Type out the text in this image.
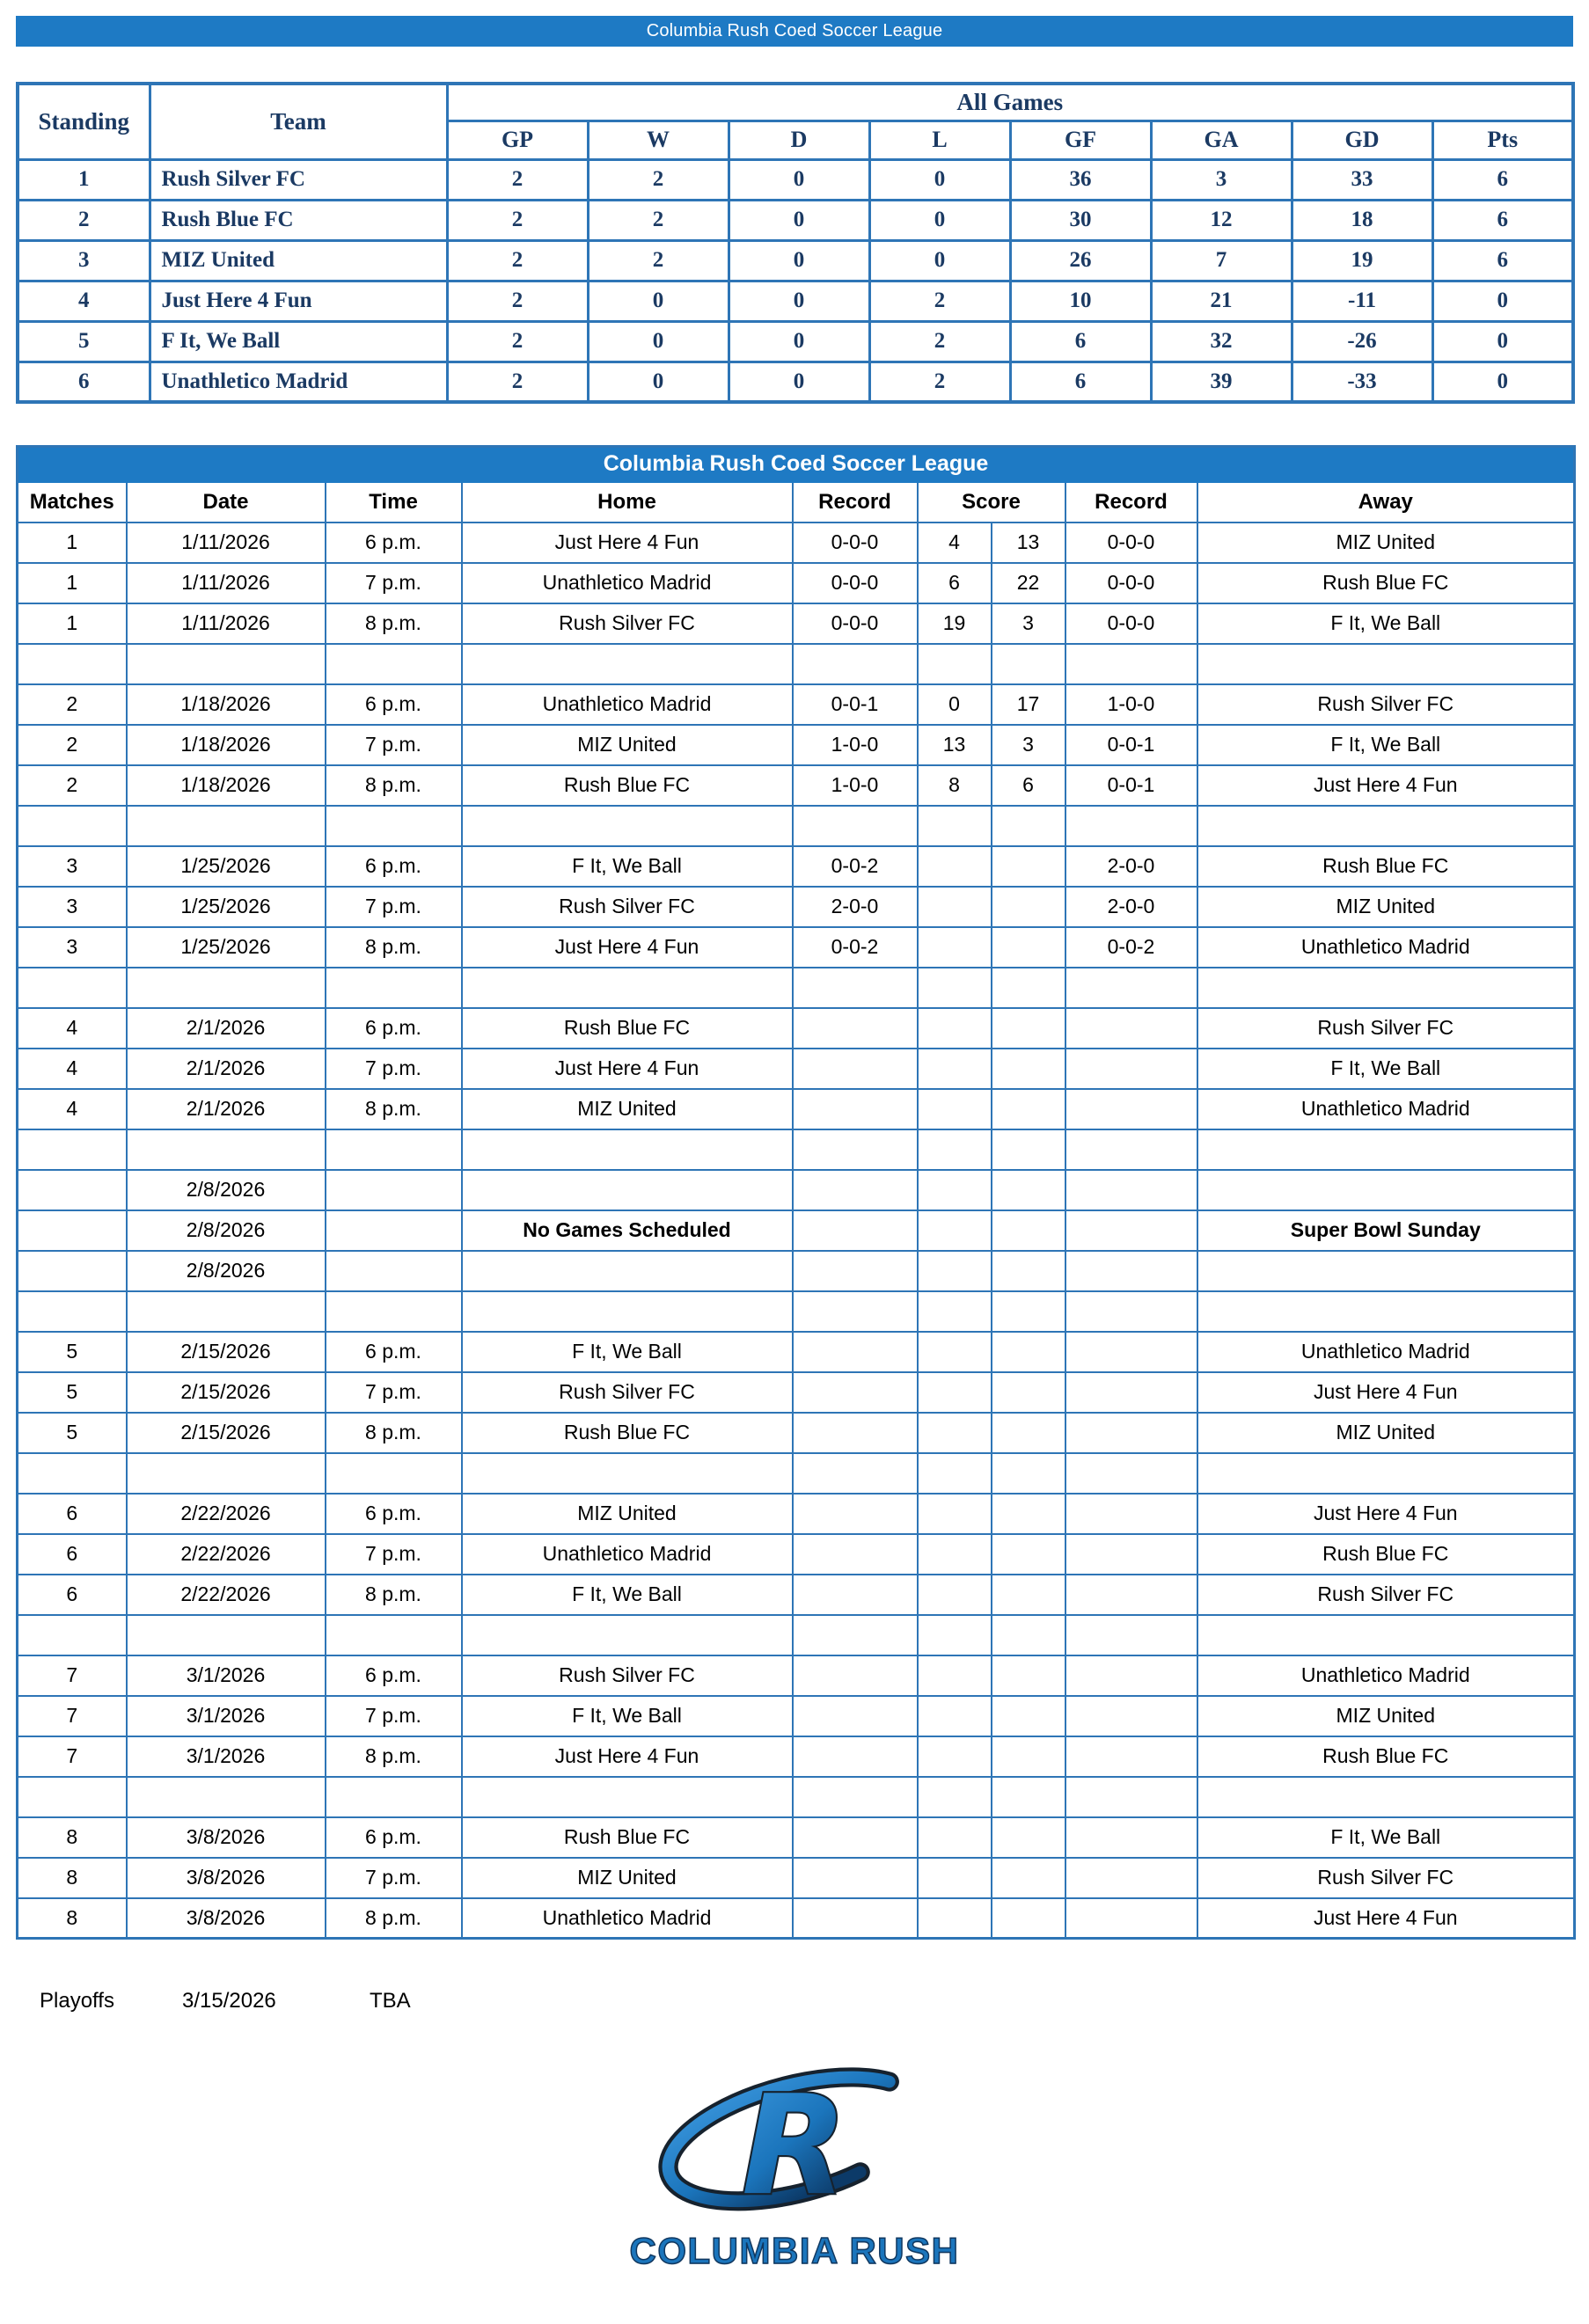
Columbia Rush Coed Soccer League
Standing	Team	All Games							
		GP	W	D	L	GF	GA	GD	Pts
1	Rush Silver FC	2	2	0	0	36	3	33	6
2	Rush Blue FC	2	2	0	0	30	12	18	6
3	MIZ United	2	2	0	0	26	7	19	6
4	Just Here 4 Fun	2	0	0	2	10	21	-11	0
5	F It, We Ball	2	0	0	2	6	32	-26	0
6	Unathletico Madrid	2	0	0	2	6	39	-33	0
Columbia Rush Coed Soccer League								
Matches	Date	Time	Home	Record	Score		Record	Away
1	1/11/2026	6 p.m.	Just Here 4 Fun	0-0-0	4	13	0-0-0	MIZ United
1	1/11/2026	7 p.m.	Unathletico Madrid	0-0-0	6	22	0-0-0	Rush Blue FC
1	1/11/2026	8 p.m.	Rush Silver FC	0-0-0	19	3	0-0-0	F It, We Ball

2	1/18/2026	6 p.m.	Unathletico Madrid	0-0-1	0	17	1-0-0	Rush Silver FC
2	1/18/2026	7 p.m.	MIZ United	1-0-0	13	3	0-0-1	F It, We Ball
2	1/18/2026	8 p.m.	Rush Blue FC	1-0-0	8	6	0-0-1	Just Here 4 Fun

3	1/25/2026	6 p.m.	F It, We Ball	0-0-2			2-0-0	Rush Blue FC
3	1/25/2026	7 p.m.	Rush Silver FC	2-0-0			2-0-0	MIZ United
3	1/25/2026	8 p.m.	Just Here 4 Fun	0-0-2			0-0-2	Unathletico Madrid

4	2/1/2026	6 p.m.	Rush Blue FC					Rush Silver FC
4	2/1/2026	7 p.m.	Just Here 4 Fun					F It, We Ball
4	2/1/2026	8 p.m.	MIZ United					Unathletico Madrid

	2/8/2026							
	2/8/2026		No Games Scheduled					Super Bowl Sunday
	2/8/2026							

5	2/15/2026	6 p.m.	F It, We Ball					Unathletico Madrid
5	2/15/2026	7 p.m.	Rush Silver FC					Just Here 4 Fun
5	2/15/2026	8 p.m.	Rush Blue FC					MIZ United

6	2/22/2026	6 p.m.	MIZ United					Just Here 4 Fun
6	2/22/2026	7 p.m.	Unathletico Madrid					Rush Blue FC
6	2/22/2026	8 p.m.	F It, We Ball					Rush Silver FC

7	3/1/2026	6 p.m.	Rush Silver FC					Unathletico Madrid
7	3/1/2026	7 p.m.	F It, We Ball					MIZ United
7	3/1/2026	8 p.m.	Just Here 4 Fun					Rush Blue FC

8	3/8/2026	6 p.m.	Rush Blue FC					F It, We Ball
8	3/8/2026	7 p.m.	MIZ United					Rush Silver FC
8	3/8/2026	8 p.m.	Unathletico Madrid					Just Here 4 Fun
Playoffs	3/15/2026	TBA
R
COLUMBIA RUSH
